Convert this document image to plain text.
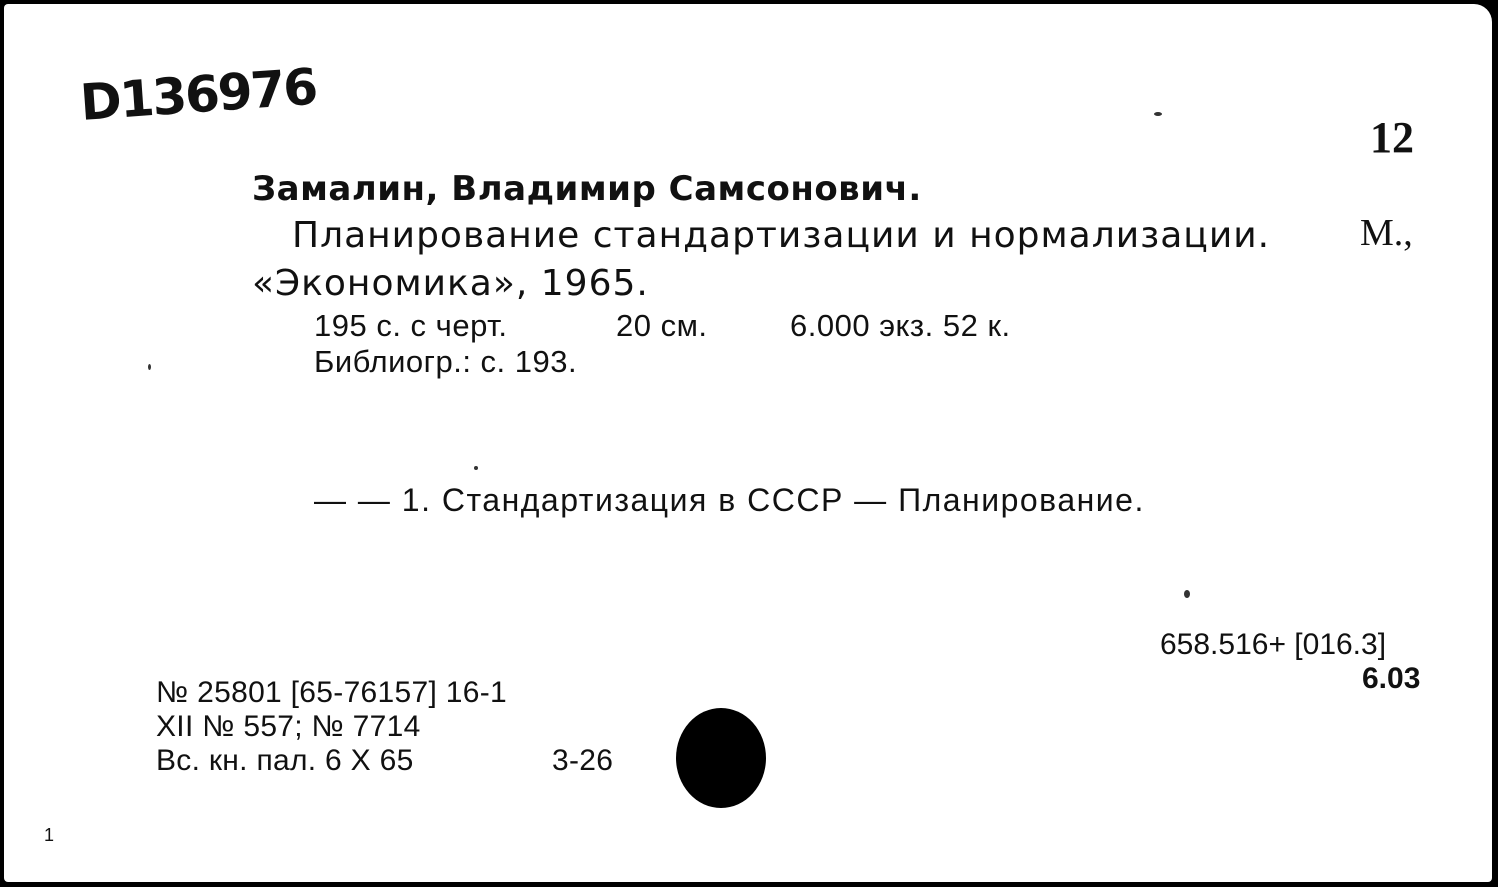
D136976
12
Замалин, Владимир Самсонович.
Планирование стандартизации и нормализации. М.,
«Экономика», 1965.
195 с. с черт.	20 см.	6.000 экз. 52 к.
Библиогр.: с. 193.
— — 1. Стандартизация в СССР — Планирование.
658.516+ [016.3]
6.03
№ 25801 [65-76157] 16-1
XII № 557; № 7714
Вс. кн. пал. 6 X 65	3-26
1
